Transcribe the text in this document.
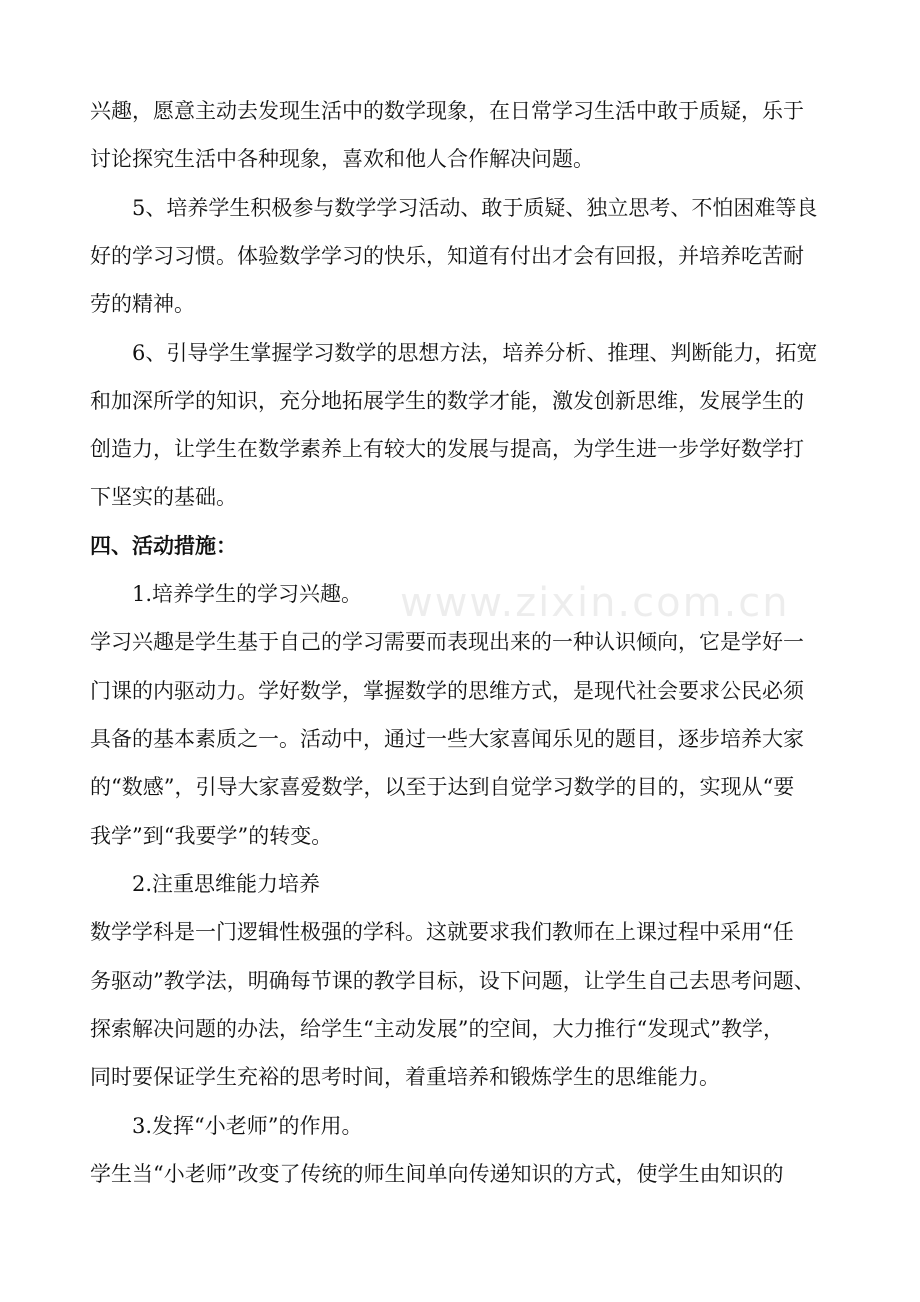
www.zixin.com.cn
兴趣，愿意主动去发现生活中的数学现象，在日常学习生活中敢于质疑，乐于
讨论探究生活中各种现象，喜欢和他人合作解决问题。
5、培养学生积极参与数学学习活动、敢于质疑、独立思考、不怕困难等良
好的学习习惯。体验数学学习的快乐，知道有付出才会有回报，并培养吃苦耐
劳的精神。
6、引导学生掌握学习数学的思想方法，培养分析、推理、判断能力，拓宽
和加深所学的知识，充分地拓展学生的数学才能，激发创新思维，发展学生的
创造力，让学生在数学素养上有较大的发展与提高，为学生进一步学好数学打
下坚实的基础。
四、活动措施：
1.培养学生的学习兴趣。
学习兴趣是学生基于自己的学习需要而表现出来的一种认识倾向，它是学好一
门课的内驱动力。学好数学，掌握数学的思维方式，是现代社会要求公民必须
具备的基本素质之一。活动中，通过一些大家喜闻乐见的题目，逐步培养大家
的“数感”，引导大家喜爱数学，以至于达到自觉学习数学的目的，实现从“要
我学”到“我要学”的转变。
2.注重思维能力培养
数学学科是一门逻辑性极强的学科。这就要求我们教师在上课过程中采用“任
务驱动”教学法，明确每节课的教学目标，设下问题，让学生自己去思考问题、
探索解决问题的办法，给学生“主动发展”的空间，大力推行“发现式”教学，
同时要保证学生充裕的思考时间，着重培养和锻炼学生的思维能力。
3.发挥“小老师”的作用。
学生当“小老师”改变了传统的师生间单向传递知识的方式，使学生由知识的
